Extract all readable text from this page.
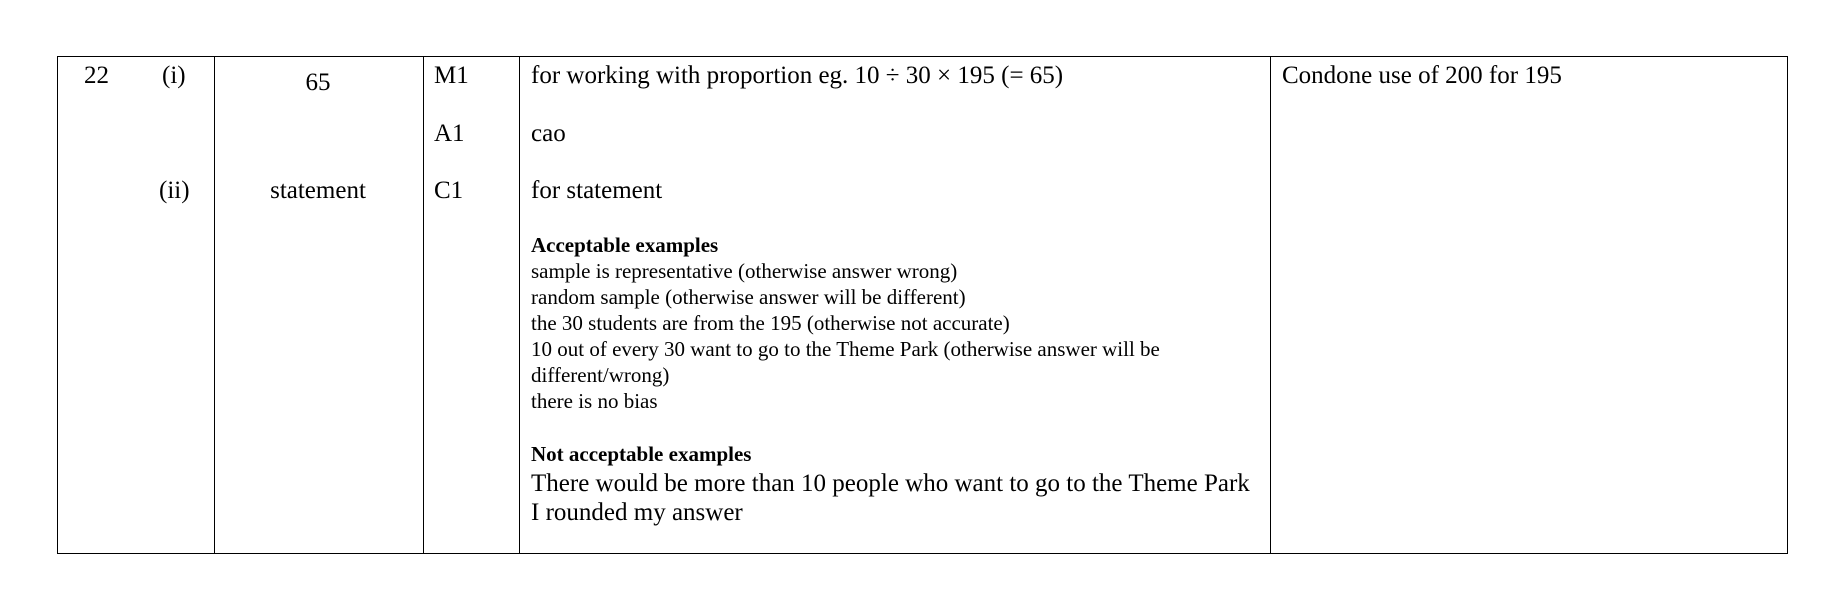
22 (i)
(ii)
65
statement
M1
A1
C1
for working with proportion eg. 10 ÷ 30 × 195 (= 65)
cao
for statement
Acceptable examples
sample is representative (otherwise answer wrong)
random sample (otherwise answer will be different)
the 30 students are from the 195 (otherwise not accurate)
10 out of every 30 want to go to the Theme Park (otherwise answer will be
different/wrong)
there is no bias
Not acceptable examples
There would be more than 10 people who want to go to the Theme Park
I rounded my answer
Condone use of 200 for 195
